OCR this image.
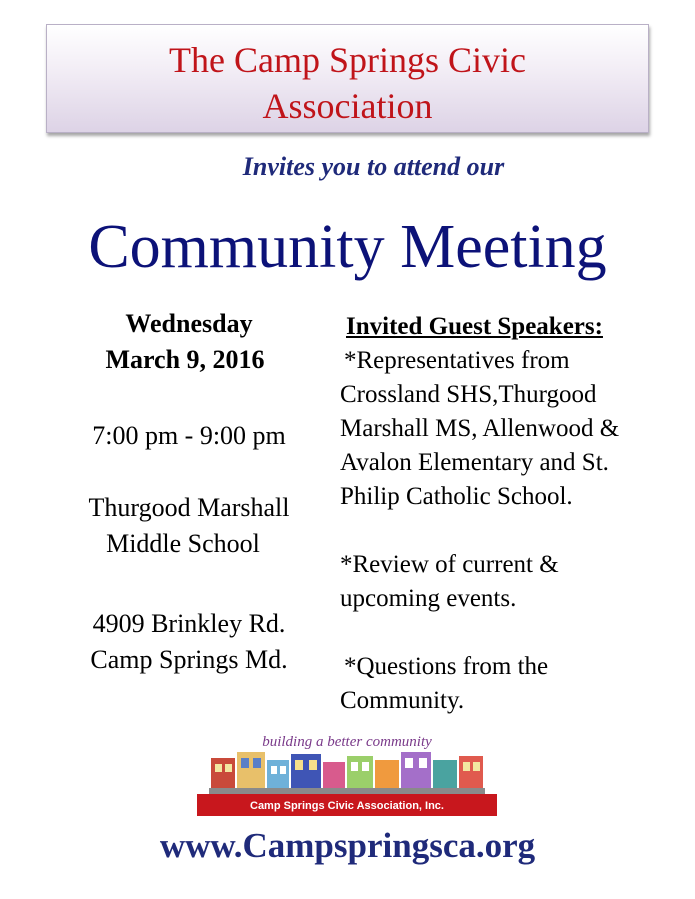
The Camp Springs Civic
Association
Invites you to attend our
Community Meeting
Wednesday
March 9, 2016
7:00 pm - 9:00 pm
Thurgood Marshall
Middle School
4909 Brinkley Rd.
Camp Springs Md.
Invited Guest Speakers:
*Representatives from Crossland SHS,Thurgood Marshall MS, Allenwood & Avalon Elementary and St. Philip Catholic School.
*Review of current & upcoming events.
*Questions from the Community.
building a better community
Camp Springs Civic Association, Inc.
www.Campspringsca.org
